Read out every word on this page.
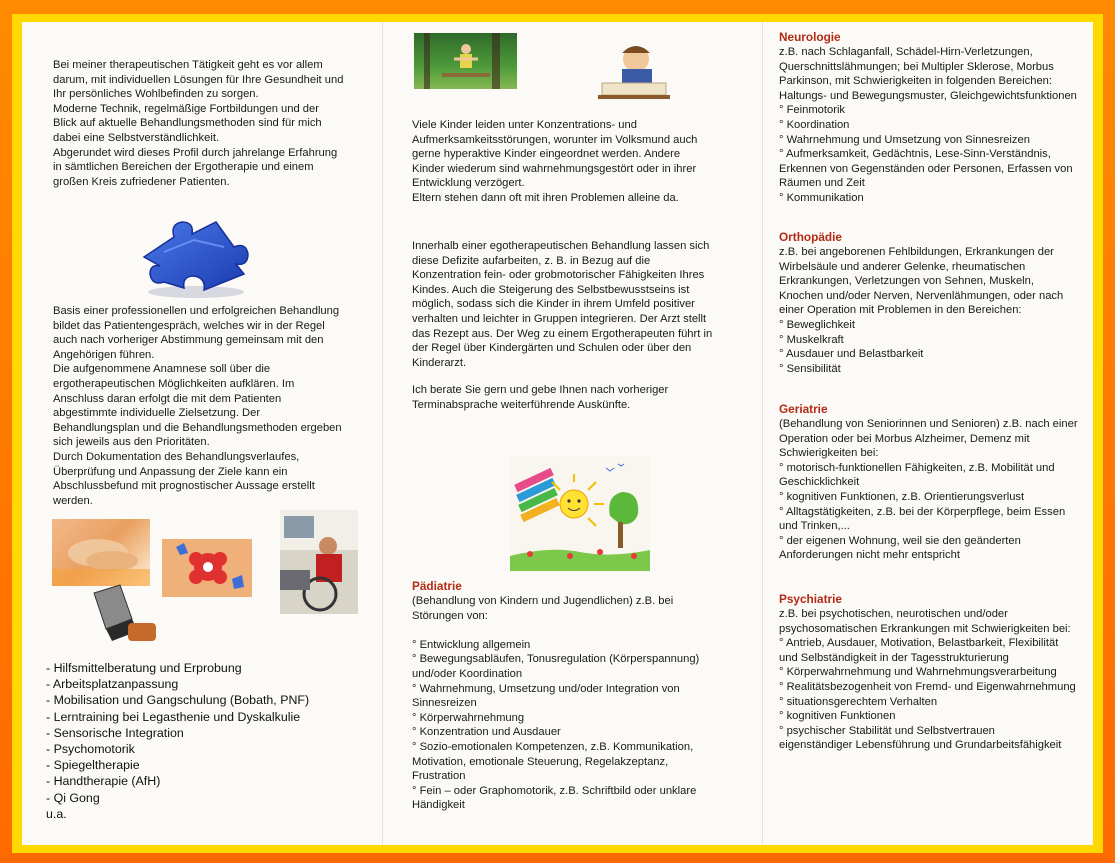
Bei meiner therapeutischen Tätigkeit geht es vor allem
darum, mit individuellen Lösungen für Ihre Gesundheit und
Ihr persönliches Wohlbefinden zu sorgen.
Moderne Technik, regelmäßige Fortbildungen und der
Blick auf aktuelle Behandlungsmethoden sind für mich
dabei eine Selbstverständlichkeit.
Abgerundet wird dieses Profil durch jahrelange Erfahrung
in sämtlichen Bereichen der Ergotherapie und einem
großen Kreis zufriedener Patienten.
Basis einer professionellen und erfolgreichen Behandlung
bildet das Patientengespräch, welches wir in der Regel
auch nach vorheriger Abstimmung gemeinsam mit den
Angehörigen führen.
Die aufgenommene Anamnese soll über die
ergotherapeutischen Möglichkeiten aufklären. Im
Anschluss daran erfolgt die mit dem Patienten
abgestimmte individuelle Zielsetzung. Der
Behandlungsplan und die Behandlungsmethoden ergeben
sich jeweils aus den Prioritäten.
Durch Dokumentation des Behandlungsverlaufes,
Überprüfung und Anpassung der Ziele kann ein
Abschlussbefund mit prognostischer Aussage erstellt
werden.
- Hilfsmittelberatung und Erprobung
- Arbeitsplatzanpassung
- Mobilisation und Gangschulung (Bobath, PNF)
- Lerntraining bei Legasthenie und Dyskalkulie
- Sensorische Integration
- Psychomotorik
- Spiegeltherapie
- Handtherapie (AfH)
- Qi Gong
u.a.
Viele Kinder leiden unter Konzentrations- und
Aufmerksamkeitsstörungen, worunter im Volksmund auch
gerne hyperaktive Kinder eingeordnet werden. Andere
Kinder wiederum sind wahrnehmungsgestört oder in ihrer
Entwicklung verzögert.
Eltern stehen dann oft mit ihren Problemen alleine da.
Innerhalb einer egotherapeutischen Behandlung lassen sich
diese Defizite aufarbeiten, z. B. in Bezug auf die
Konzentration fein- oder grobmotorischer Fähigkeiten Ihres
Kindes. Auch die Steigerung des Selbstbewusstseins ist
möglich, sodass sich die Kinder in ihrem Umfeld positiver
verhalten und leichter in Gruppen integrieren. Der Arzt stellt
das Rezept aus. Der Weg zu einem Ergotherapeuten führt in
der Regel über Kindergärten und Schulen oder über den
Kinderarzt.
Ich berate Sie gern und gebe Ihnen nach vorheriger
Terminabsprache weiterführende Auskünfte.
Pädiatrie
(Behandlung von Kindern und Jugendlichen) z.B. bei
Störungen von:

° Entwicklung allgemein
° Bewegungsabläufen, Tonusregulation (Körperspannung)
und/oder Koordination
° Wahrnehmung, Umsetzung und/oder Integration von
Sinnesreizen
° Körperwahrnehmung
° Konzentration und Ausdauer
° Sozio-emotionalen Kompetenzen, z.B. Kommunikation,
Motivation, emotionale Steuerung, Regelakzeptanz,
Frustration
° Fein – oder Graphomotorik, z.B. Schriftbild oder unklare
Händigkeit
Neurologie
z.B. nach Schlaganfall, Schädel-Hirn-Verletzungen,
Querschnittslähmungen; bei Multipler Sklerose, Morbus
Parkinson, mit Schwierigkeiten in folgenden Bereichen:
Haltungs- und Bewegungsmuster, Gleichgewichtsfunktionen
° Feinmotorik
° Koordination
° Wahrnehmung und Umsetzung von Sinnesreizen
° Aufmerksamkeit, Gedächtnis, Lese-Sinn-Verständnis,
Erkennen von Gegenständen oder Personen, Erfassen von
Räumen und Zeit
° Kommunikation
Orthopädie
z.B. bei angeborenen Fehlbildungen, Erkrankungen der
Wirbelsäule und anderer Gelenke, rheumatischen
Erkrankungen, Verletzungen von Sehnen, Muskeln,
Knochen und/oder Nerven, Nervenlähmungen, oder nach
einer Operation mit Problemen in den Bereichen:
° Beweglichkeit
° Muskelkraft
° Ausdauer und Belastbarkeit
° Sensibilität
Geriatrie
(Behandlung von Seniorinnen und Senioren) z.B. nach einer
Operation oder bei Morbus Alzheimer, Demenz mit
Schwierigkeiten bei:
° motorisch-funktionellen Fähigkeiten, z.B. Mobilität und
Geschicklichkeit
° kognitiven Funktionen, z.B. Orientierungsverlust
° Alltagstätigkeiten, z.B. bei der Körperpflege, beim Essen
und Trinken,...
° der eigenen Wohnung, weil sie den geänderten
Anforderungen nicht mehr entspricht
Psychiatrie
z.B. bei psychotischen, neurotischen und/oder
psychosomatischen Erkrankungen mit Schwierigkeiten bei:
° Antrieb, Ausdauer, Motivation, Belastbarkeit, Flexibilität
und Selbständigkeit in der Tagesstrukturierung
° Körperwahrnehmung und Wahrnehmungsverarbeitung
° Realitätsbezogenheit von Fremd- und Eigenwahrnehmung
° situationsgerechtem Verhalten
° kognitiven Funktionen
° psychischer Stabilität und Selbstvertrauen
eigenständiger Lebensführung und Grundarbeitsfähigkeit
